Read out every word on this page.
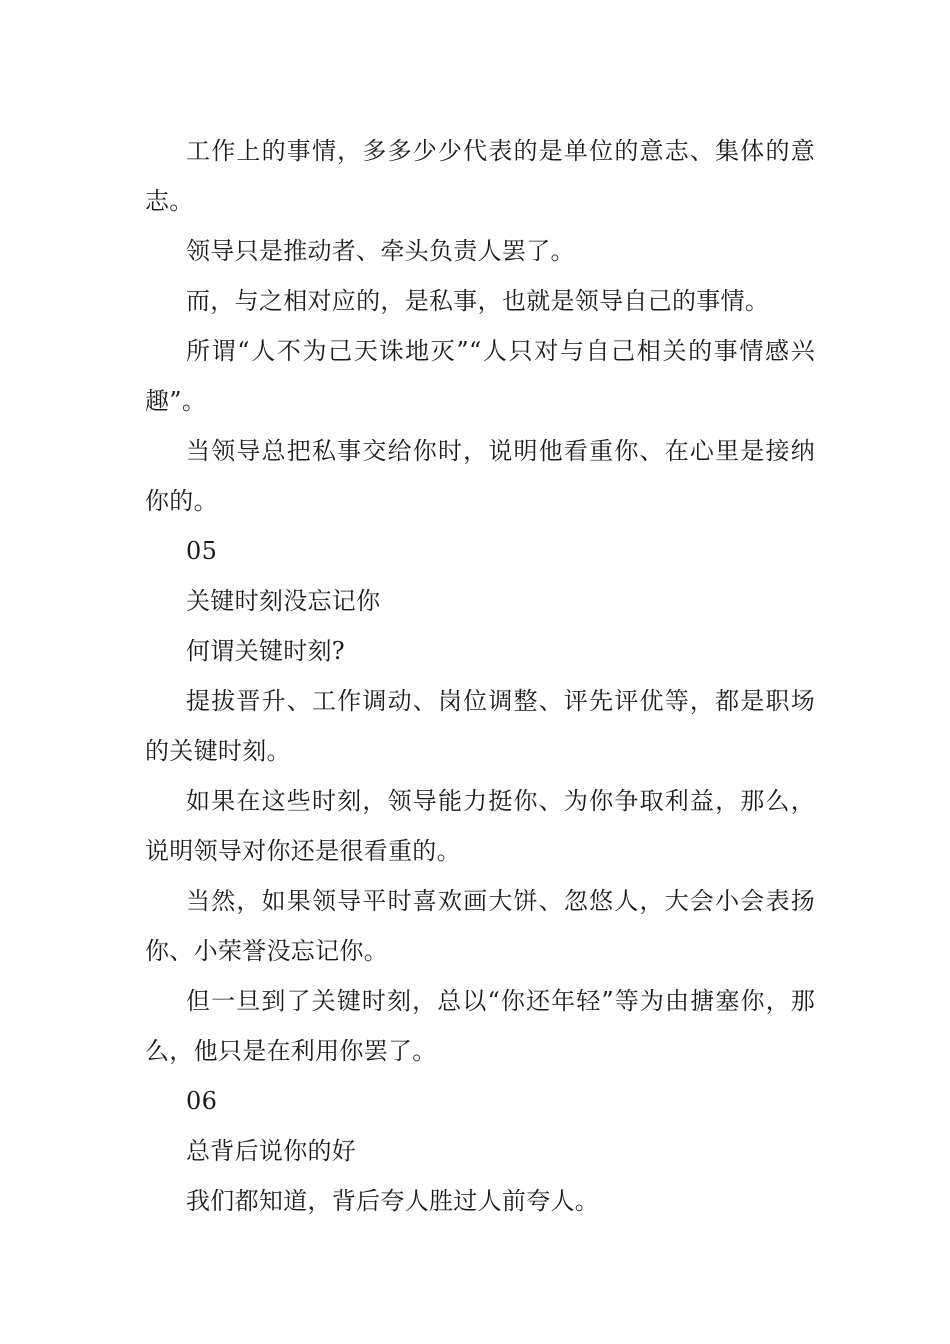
工作上的事情，多多少少代表的是单位的意志、集体的意志。

领导只是推动者、牵头负责人罢了。

而，与之相对应的，是私事，也就是领导自己的事情。

所谓“人不为己天诛地灭”“人只对与自己相关的事情感兴趣”。

当领导总把私事交给你时，说明他看重你、在心里是接纳你的。

05

关键时刻没忘记你

何谓关键时刻?

提拔晋升、工作调动、岗位调整、评先评优等，都是职场的关键时刻。

如果在这些时刻，领导能力挺你、为你争取利益，那么，说明领导对你还是很看重的。

当然，如果领导平时喜欢画大饼、忽悠人，大会小会表扬你、小荣誉没忘记你。

但一旦到了关键时刻，总以“你还年轻”等为由搪塞你，那么，他只是在利用你罢了。

06

总背后说你的好

我们都知道，背后夸人胜过人前夸人。
